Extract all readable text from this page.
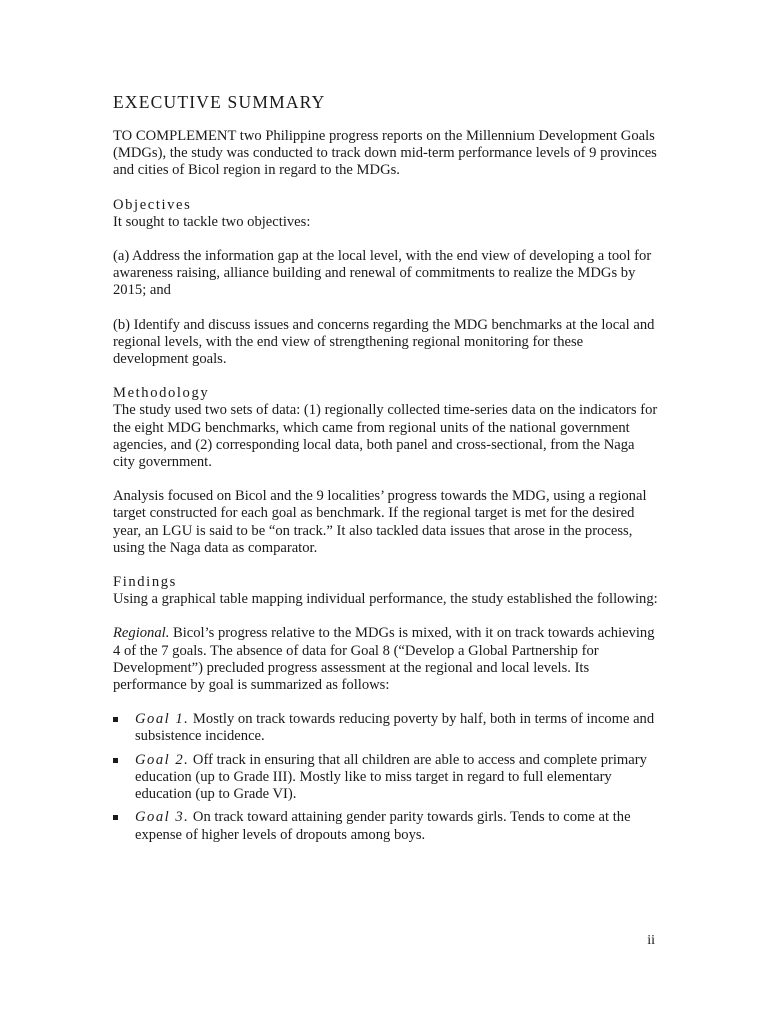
EXECUTIVE SUMMARY

TO COMPLEMENT two Philippine progress reports on the Millennium Development Goals (MDGs), the study was conducted to track down mid-term performance levels of 9 provinces and cities of Bicol region in regard to the MDGs.

Objectives
It sought to tackle two objectives:

(a) Address the information gap at the local level, with the end view of developing a tool for awareness raising, alliance building and renewal of commitments to realize the MDGs by 2015; and

(b) Identify and discuss issues and concerns regarding the MDG benchmarks at the local and regional levels, with the end view of strengthening regional monitoring for these development goals.

Methodology
The study used two sets of data: (1) regionally collected time-series data on the indicators for the eight MDG benchmarks, which came from regional units of the national government agencies, and (2) corresponding local data, both panel and cross-sectional, from the Naga city government.

Analysis focused on Bicol and the 9 localities’ progress towards the MDG, using a regional target constructed for each goal as benchmark. If the regional target is met for the desired year, an LGU is said to be “on track.” It also tackled data issues that arose in the process, using the Naga data as comparator.

Findings
Using a graphical table mapping individual performance, the study established the following:

Regional. Bicol’s progress relative to the MDGs is mixed, with it on track towards achieving 4 of the 7 goals. The absence of data for Goal 8 (“Develop a Global Partnership for Development”) precluded progress assessment at the regional and local levels. Its performance by goal is summarized as follows:

Goal 1. Mostly on track towards reducing poverty by half, both in terms of income and subsistence incidence.
Goal 2. Off track in ensuring that all children are able to access and complete primary education (up to Grade III). Mostly like to miss target in regard to full elementary education (up to Grade VI).
Goal 3. On track toward attaining gender parity towards girls. Tends to come at the expense of higher levels of dropouts among boys.
ii
